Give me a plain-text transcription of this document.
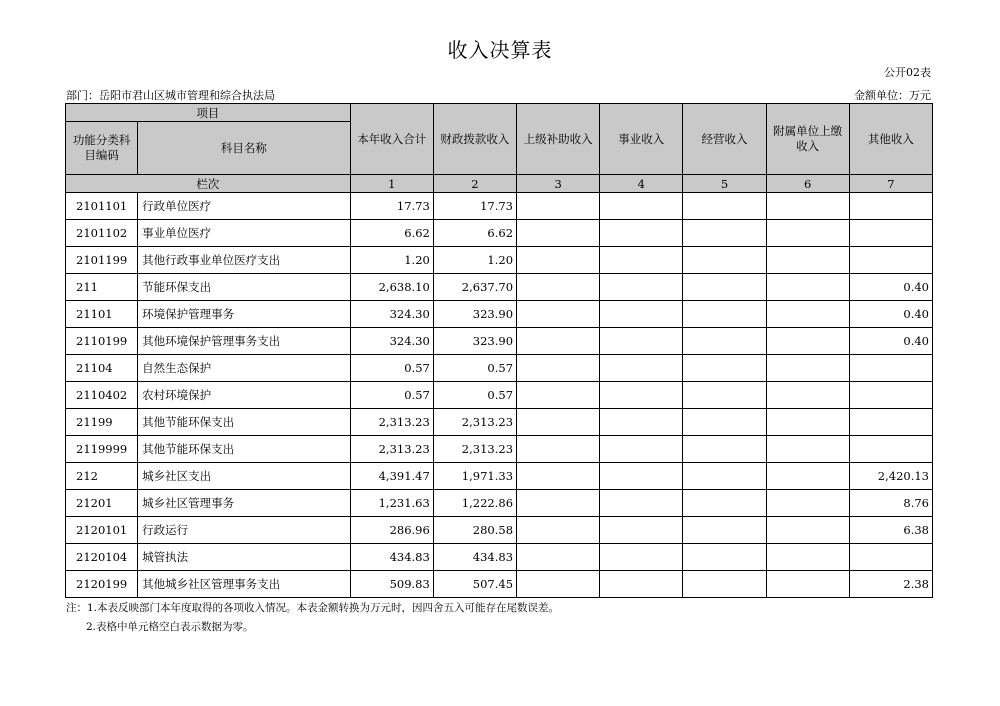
收入决算表
公开02表
部门：岳阳市君山区城市管理和综合执法局	金额单位：万元
项目		本年收入合计	财政拨款收入	上级补助收入	事业收入	经营收入	附属单位上缴收入	其他收入
功能分类科目编码	科目名称							
栏次		1	2	3	4	5	6	7
2101101	行政单位医疗	17.73	17.73					
2101102	事业单位医疗	6.62	6.62					
2101199	其他行政事业单位医疗支出	1.20	1.20					
211	节能环保支出	2,638.10	2,637.70					0.40
21101	环境保护管理事务	324.30	323.90					0.40
2110199	其他环境保护管理事务支出	324.30	323.90					0.40
21104	自然生态保护	0.57	0.57					
2110402	农村环境保护	0.57	0.57					
21199	其他节能环保支出	2,313.23	2,313.23					
2119999	其他节能环保支出	2,313.23	2,313.23					
212	城乡社区支出	4,391.47	1,971.33					2,420.13
21201	城乡社区管理事务	1,231.63	1,222.86					8.76
2120101	行政运行	286.96	280.58					6.38
2120104	城管执法	434.83	434.83					
2120199	其他城乡社区管理事务支出	509.83	507.45					2.38
注：1.本表反映部门本年度取得的各项收入情况。本表金额转换为万元时，因四舍五入可能存在尾数误差。
2.表格中单元格空白表示数据为零。
